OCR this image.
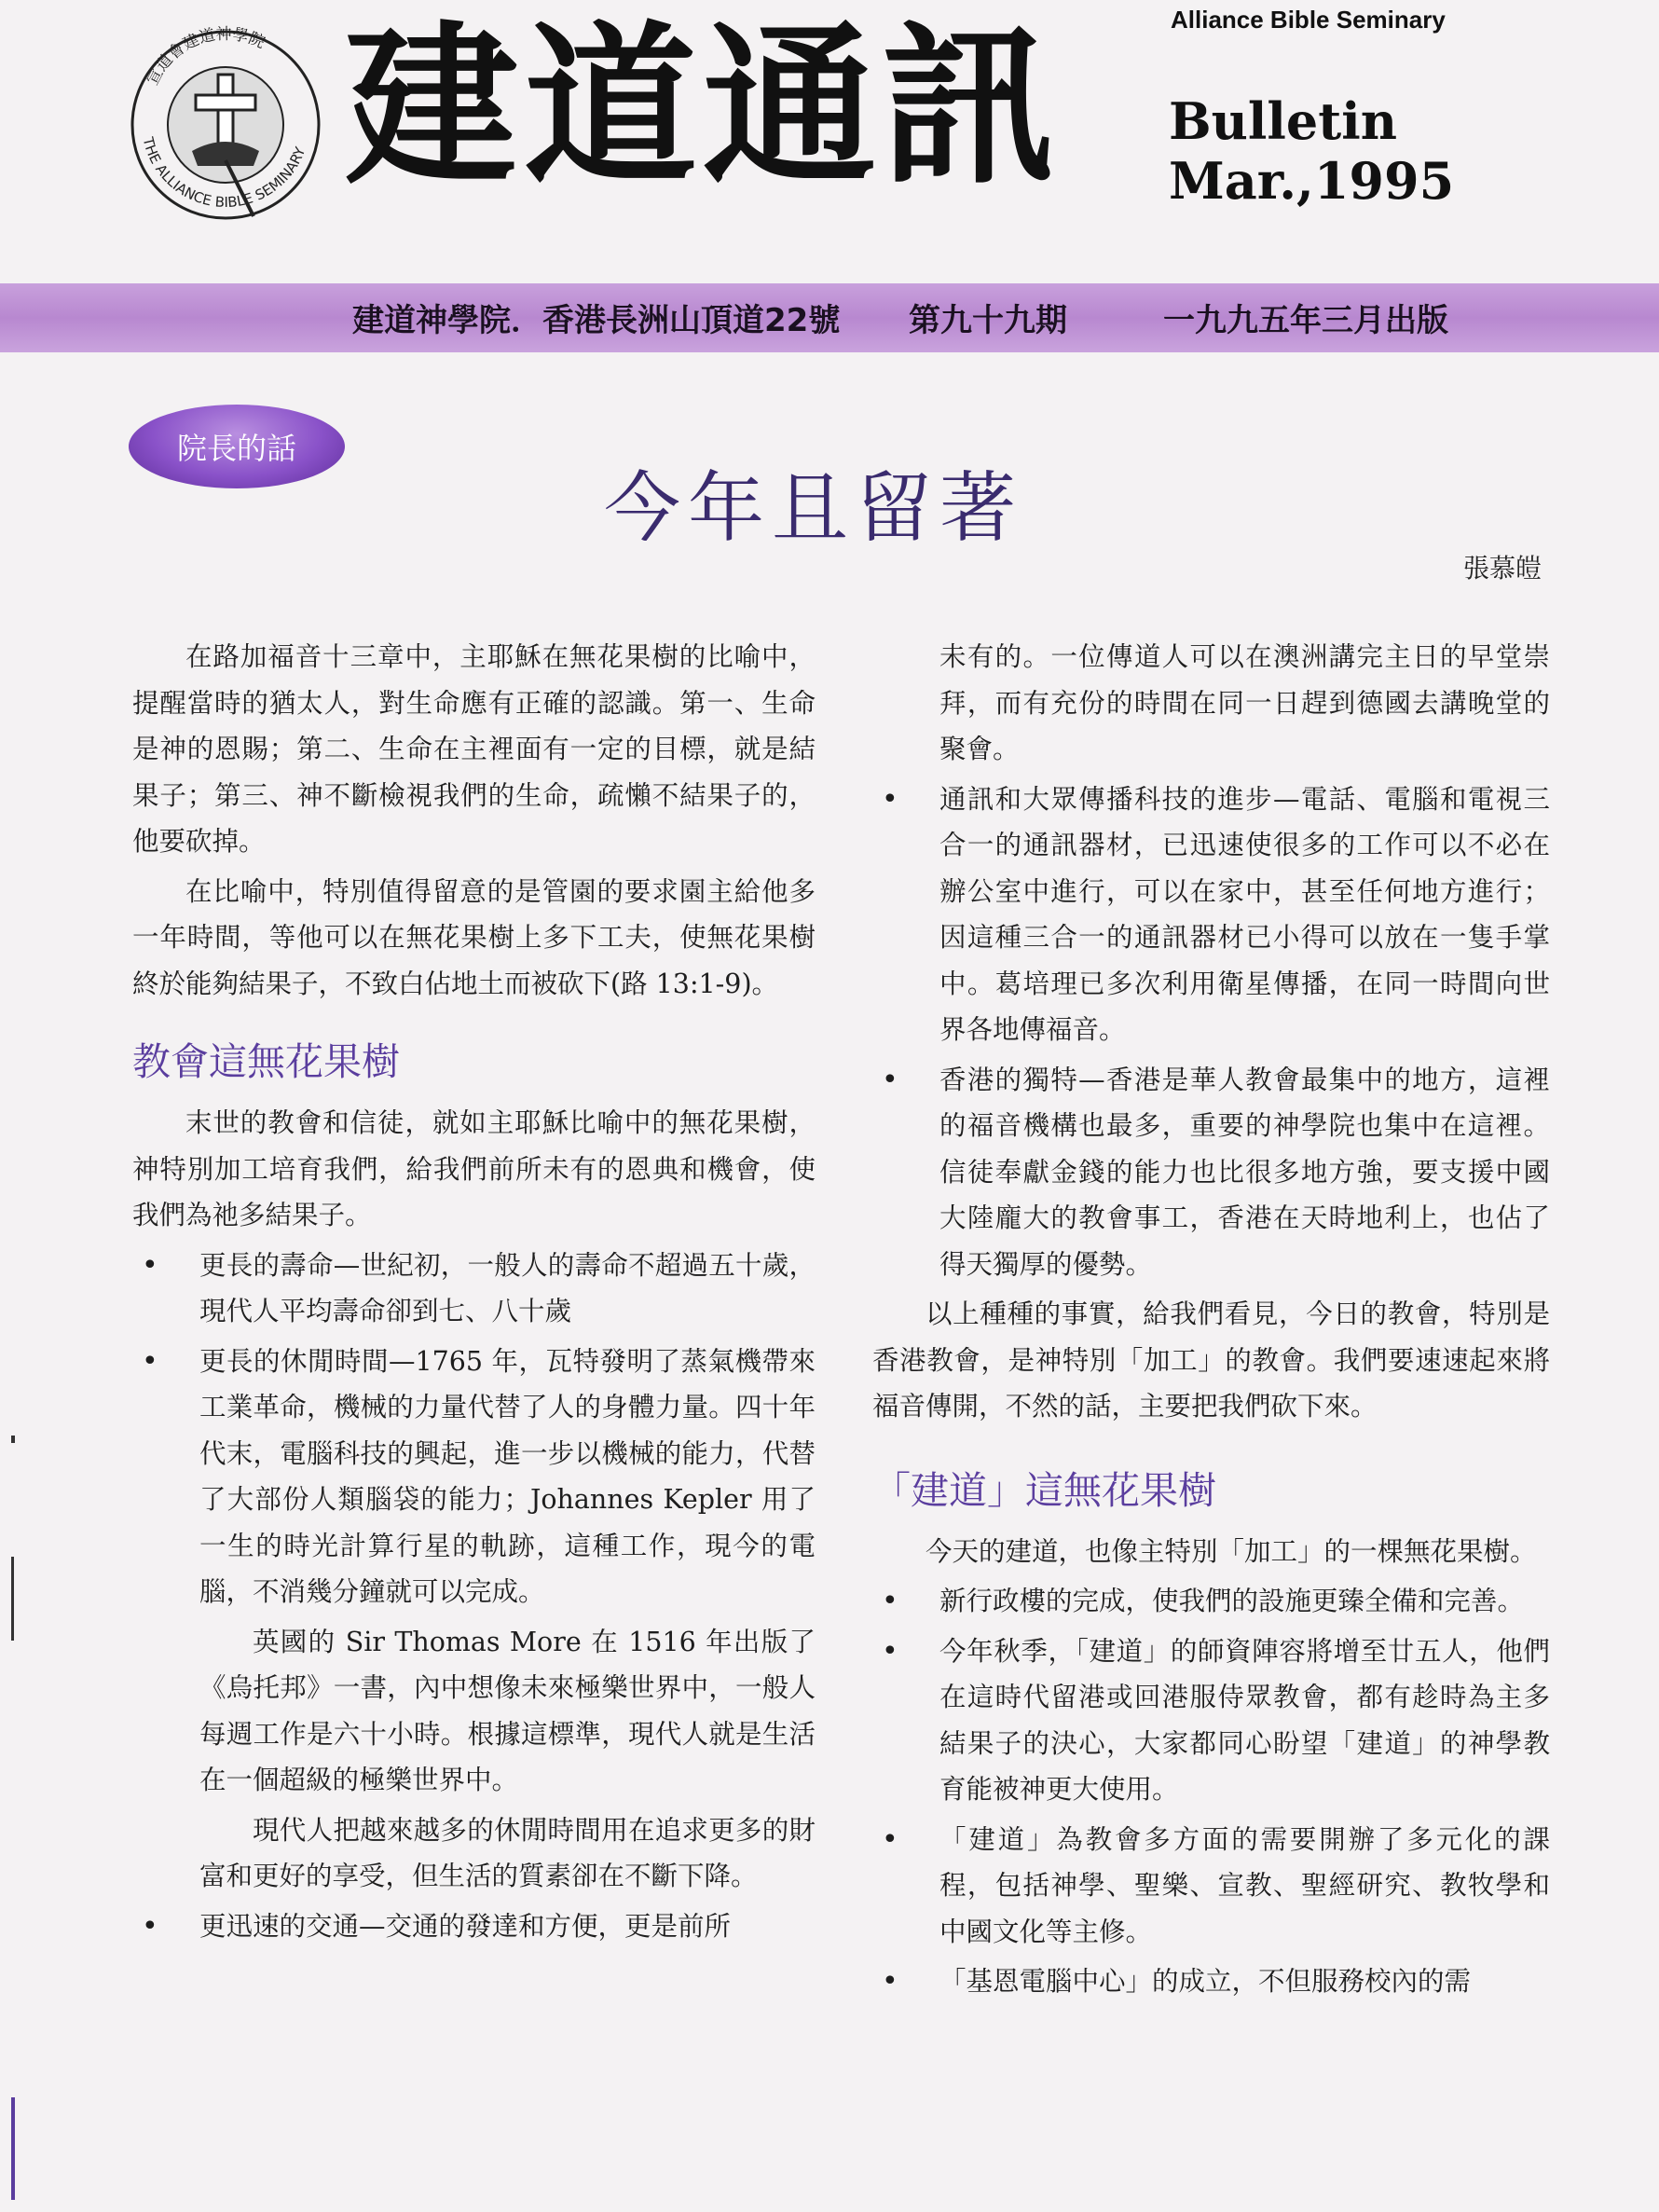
宣道會建道神學院
THE ALLIANCE BIBLE SEMINARY 建道通訊	Alliance Bible Seminary
Bulletin
Mar.,1995
建道神學院．香港長洲山頂道22號 第九十九期	一九九五年三月出版
院長的話
今年且留著
張慕皚

在路加福音十三章中，主耶穌在無花果樹的比喻中，提醒當時的猶太人，對生命應有正確的認識。第一、生命是神的恩賜；第二、生命在主裡面有一定的目標，就是結果子；第三、神不斷檢視我們的生命，疏懶不結果子的，他要砍掉。

在比喻中，特別值得留意的是管園的要求園主給他多一年時間，等他可以在無花果樹上多下工夫，使無花果樹終於能夠結果子，不致白佔地土而被砍下(路 13:1-9)。

教會這無花果樹

末世的教會和信徒，就如主耶穌比喻中的無花果樹，神特別加工培育我們，給我們前所未有的恩典和機會，使我們為祂多結果子。

• 更長的壽命—世紀初，一般人的壽命不超過五十歲，現代人平均壽命卻到七、八十歲
• 更長的休閒時間—1765 年，瓦特發明了蒸氣機帶來工業革命，機械的力量代替了人的身體力量。四十年代末，電腦科技的興起，進一步以機械的能力，代替了大部份人類腦袋的能力；Johannes Kepler 用了一生的時光計算行星的軌跡，這種工作，現今的電腦，不消幾分鐘就可以完成。
英國的 Sir Thomas More 在 1516 年出版了《烏托邦》一書，內中想像未來極樂世界中，一般人每週工作是六十小時。根據這標準，現代人就是生活在一個超級的極樂世界中。
現代人把越來越多的休閒時間用在追求更多的財富和更好的享受，但生活的質素卻在不斷下降。
• 更迅速的交通—交通的發達和方便，更是前所
未有的。一位傳道人可以在澳洲講完主日的早堂崇拜，而有充份的時間在同一日趕到德國去講晚堂的聚會。
• 通訊和大眾傳播科技的進步—電話、電腦和電視三合一的通訊器材，已迅速使很多的工作可以不必在辦公室中進行，可以在家中，甚至任何地方進行；因這種三合一的通訊器材已小得可以放在一隻手掌中。葛培理已多次利用衛星傳播，在同一時間向世界各地傳福音。
• 香港的獨特—香港是華人教會最集中的地方，這裡的福音機構也最多，重要的神學院也集中在這裡。信徒奉獻金錢的能力也比很多地方強，要支援中國大陸龐大的教會事工，香港在天時地利上，也佔了得天獨厚的優勢。

以上種種的事實，給我們看見，今日的教會，特別是香港教會，是神特別「加工」的教會。我們要速速起來將福音傳開，不然的話，主要把我們砍下來。

「建道」這無花果樹

今天的建道，也像主特別「加工」的一棵無花果樹。

• 新行政樓的完成，使我們的設施更臻全備和完善。
• 今年秋季，「建道」的師資陣容將增至廿五人，他們在這時代留港或回港服侍眾教會，都有趁時為主多結果子的決心，大家都同心盼望「建道」的神學教育能被神更大使用。
• 「建道」為教會多方面的需要開辦了多元化的課程，包括神學、聖樂、宣教、聖經研究、教牧學和中國文化等主修。
• 「基恩電腦中心」的成立，不但服務校內的需
